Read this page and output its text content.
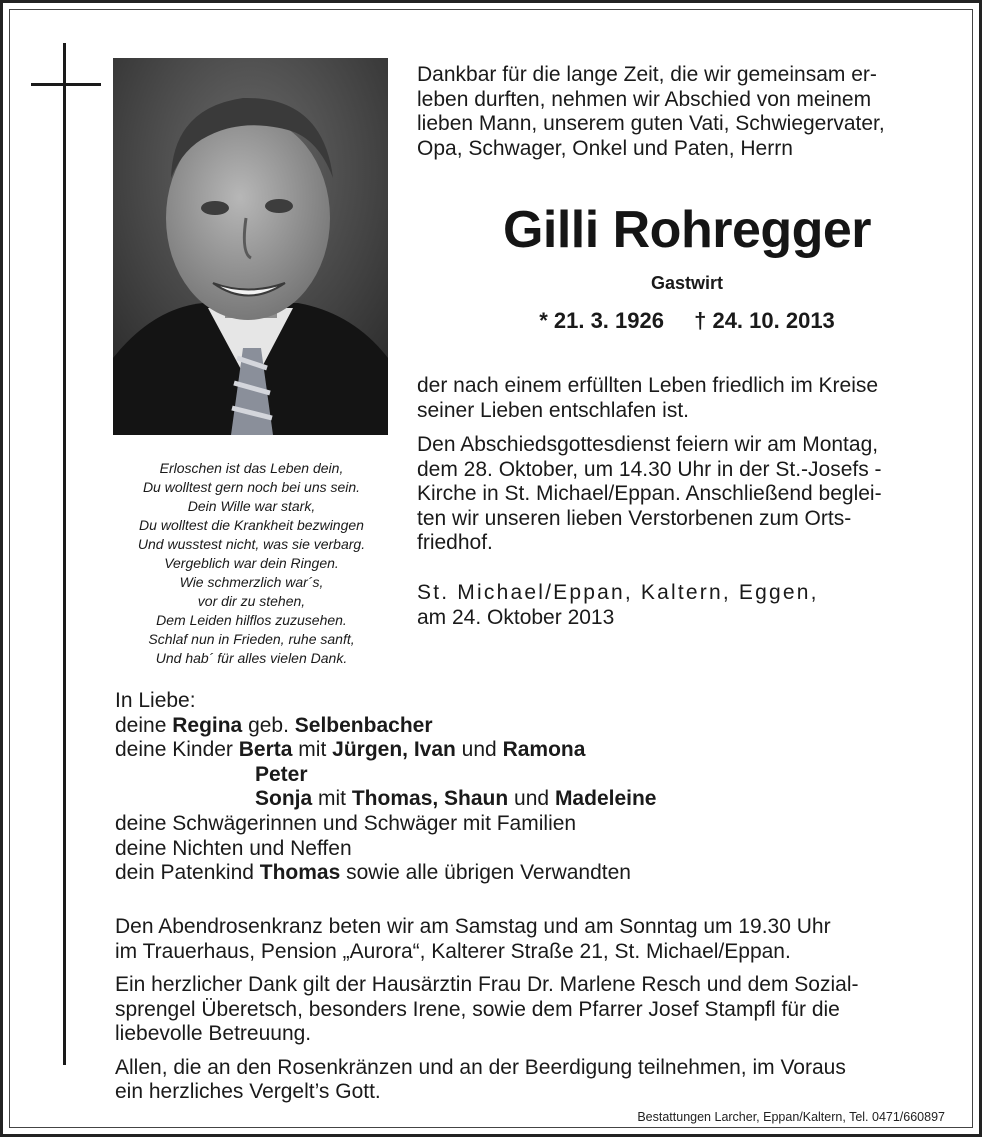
Erloschen ist das Leben dein,
Du wolltest gern noch bei uns sein.
Dein Wille war stark,
Du wolltest die Krankheit bezwingen
Und wusstest nicht, was sie verbarg.
Vergeblich war dein Ringen.
Wie schmerzlich war´s,
vor dir zu stehen,
Dem Leiden hilflos zuzusehen.
Schlaf nun in Frieden, ruhe sanft,
Und hab´ für alles vielen Dank.
Dankbar für die lange Zeit, die wir gemeinsam er-
leben durften, nehmen wir Abschied von meinem
lieben Mann, unserem guten Vati, Schwiegervater,
Opa, Schwager, Onkel und Paten, Herrn
Gilli Rohregger
Gastwirt
* 21. 3. 1926 † 24. 10. 2013
der nach einem erfüllten Leben friedlich im Kreise
seiner Lieben entschlafen ist.
Den Abschiedsgottesdienst feiern wir am Montag,
dem 28. Oktober, um 14.30 Uhr in der St.-Josefs -
Kirche in St. Michael/Eppan. Anschließend beglei-
ten wir unseren lieben Verstorbenen zum Orts-
friedhof.
St. Michael/Eppan, Kaltern, Eggen,
am 24. Oktober 2013
In Liebe:
deine Regina geb. Selbenbacher
deine Kinder Berta mit Jürgen, Ivan und Ramona
Peter
Sonja mit Thomas, Shaun und Madeleine
deine Schwägerinnen und Schwäger mit Familien
deine Nichten und Neffen
dein Patenkind Thomas sowie alle übrigen Verwandten

Den Abendrosenkranz beten wir am Samstag und am Sonntag um 19.30 Uhr
im Trauerhaus, Pension „Aurora“, Kalterer Straße 21, St. Michael/Eppan.

Ein herzlicher Dank gilt der Hausärztin Frau Dr. Marlene Resch und dem Sozial-
sprengel Überetsch, besonders Irene, sowie dem Pfarrer Josef Stampfl für die
liebevolle Betreuung.

Allen, die an den Rosenkränzen und an der Beerdigung teilnehmen, im Voraus
ein herzliches Vergelt’s Gott.

Bestattungen Larcher, Eppan/Kaltern, Tel. 0471/660897
